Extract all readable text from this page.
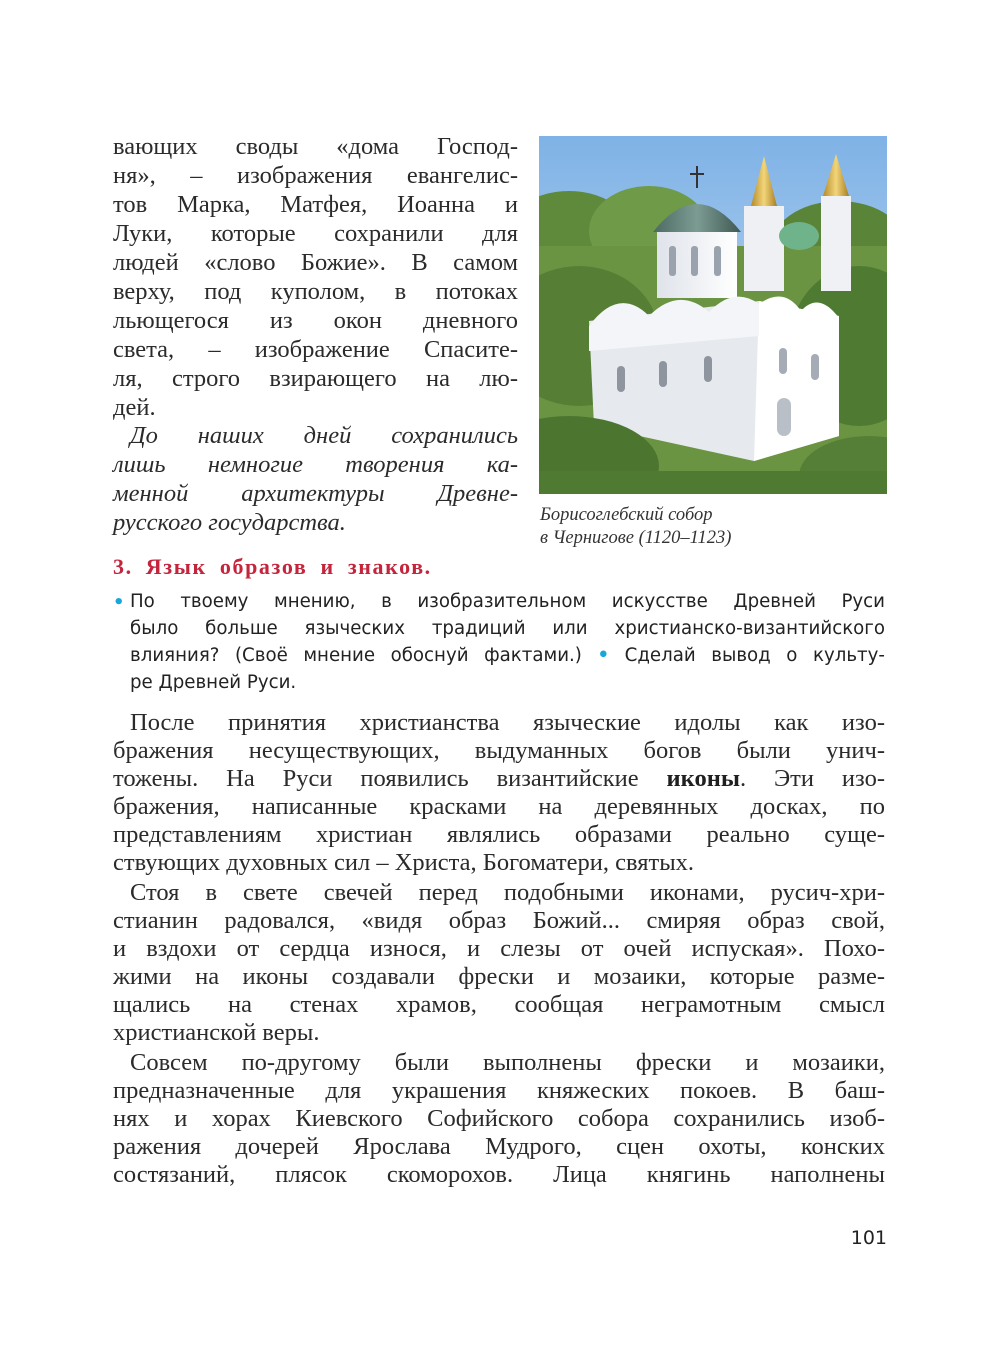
вающих своды «дома Господ-
ня», – изображения евангелис-
тов Марка, Матфея, Иоанна и
Луки, которые сохранили для
людей «слово Божие». В самом
верху, под куполом, в потоках
льющегося из окон дневного
света, – изображение Спасите-
ля, строго взирающего на лю-
дей.
До наших дней сохранились
лишь немногие творения ка-
менной архитектуры Древне-
русского государства.	Борисоглебский собор
в Чернигове (1120–1123)
3. Язык образов и знаков.
• По твоему мнению, в изобразительном искусстве Древней Руси
было больше языческих традиций или христианско-византийского
влияния? (Своё мнение обоснуй фактами.) • Сделай вывод о культу-
ре Древней Руси.
После принятия христианства языческие идолы как изо-
бражения несуществующих, выдуманных богов были унич-
тожены. На Руси появились византийские иконы. Эти изо-
бражения, написанные красками на деревянных досках, по
представлениям христиан являлись образами реально суще-
ствующих духовных сил – Христа, Богоматери, святых.
Стоя в свете свечей перед подобными иконами, русич-хри-
стианин радовался, «видя образ Божий... смиряя образ свой,
и вздохи от сердца износя, и слезы от очей испуская». Похо-
жими на иконы создавали фрески и мозаики, которые разме-
щались на стенах храмов, сообщая неграмотным смысл
христианской веры.
Совсем по-другому были выполнены фрески и мозаики,
предназначенные для украшения княжеских покоев. В баш-
нях и хорах Киевского Софийского собора сохранились изоб-
ражения дочерей Ярослава Мудрого, сцен охоты, конских
состязаний, плясок скоморохов. Лица княгинь наполнены
101
